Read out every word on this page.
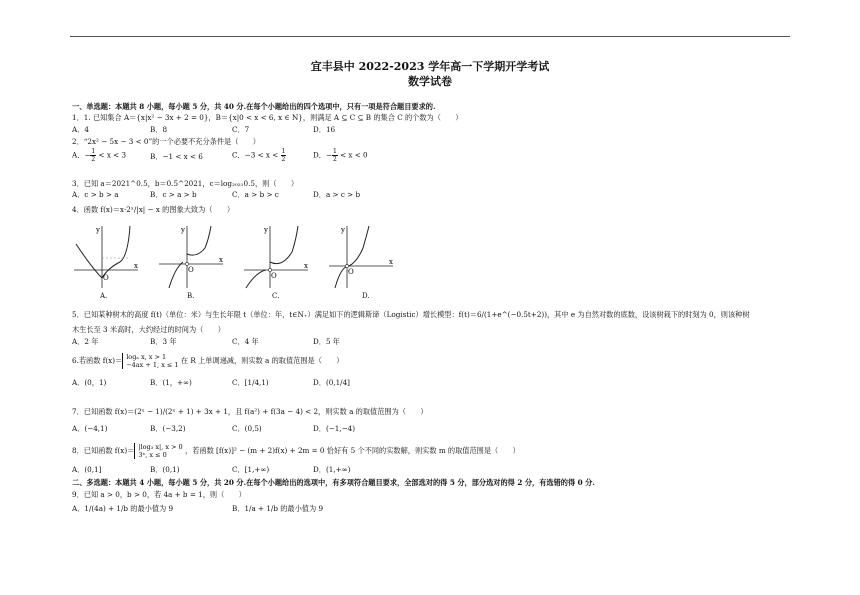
宜丰县中 2022-2023 学年高一下学期开学考试
数学试卷
一、单选题：本题共 8 小题，每小题 5 分，共 40 分.在每个小题给出的四个选项中，只有一项是符合题目要求的.
1．1. 已知集合 A＝{x|x² − 3x + 2 = 0}，B＝{x|0 < x < 6, x ∈ N}，则满足 A ⊆ C ⊆ B 的集合 C 的个数为（　　）
A．4	B．8	C．7	D．16
2．“2x² − 5x − 3 < 0”的一个必要不充分条件是（　　）
A．− $\frac{1}{2} < x < 3$	B．−1 < x < 6	C．$-3 < x < \frac{1}{2}$	D．− $\frac{1}{2} < x < 0$
3．已知 a＝2021^0.5，b＝0.5^2021，c＝log₂₀₂₁0.5，则（　　）
A．c > b > a	B．c > a > b	C．a > b > c	D．a > c > b
4．函数 f(x)＝x·2ˣ/|x| − x 的图象大致为（　　）
y
x
O
A.
y
x
O
B.
y
x
O
C.
y
x
O
D.
5．已知某种树木的高度 f(t)（单位：米）与生长年限 t（单位：年，t∈N₊）满足如下的逻辑斯谛（Logistic）增长模型：f(t)＝6/(1+e^(−0.5t+2))，其中 e 为自然对数的底数，设该树栽下的时刻为 0，则该种树
木生长至 3 米高时，大约经过的时间为（　　）
A．2 年	B．3 年	C．4 年	D．5 年
6.若函数 f(x)＝ logₐ x, x > 1
−4ax + 1, x ≤ 1 在 R 上单调递减，则实数 a 的取值范围是（　　）
A．(0，1)	B．(1，+∞)	C．[1/4,1)	D．(0,1/4]
7．已知函数 f(x)＝(2ˣ − 1)/(2ˣ + 1) + 3x + 1，且 f(a²) + f(3a − 4) < 2，则实数 a 的取值范围为（　　）
A．(−4,1)	B．(−3,2)	C．(0,5)	D．(−1,−4)
8．已知函数 f(x)＝ |log₃ x|, x > 0
3ˣ, x ≤ 0	，若函数 [f(x)]² − (m + 2)f(x) + 2m = 0 恰好有 5 个不同的实数解，则实数 m 的取值范围是（　　）
A．(0,1]	B．(0,1)	C．[1,+∞)	D．(1,+∞)
二、多选题：本题共 4 小题，每小题 5 分，共 20 分.在每个小题给出的选项中，有多项符合题目要求，全部选对的得 5 分，部分选对的得 2 分，有选错的得 0 分.
9．已知 a > 0，b > 0，若 4a + b = 1，则（　　）
A．1/(4a) + 1/b 的最小值为 9	B．1/a + 1/b 的最小值为 9
